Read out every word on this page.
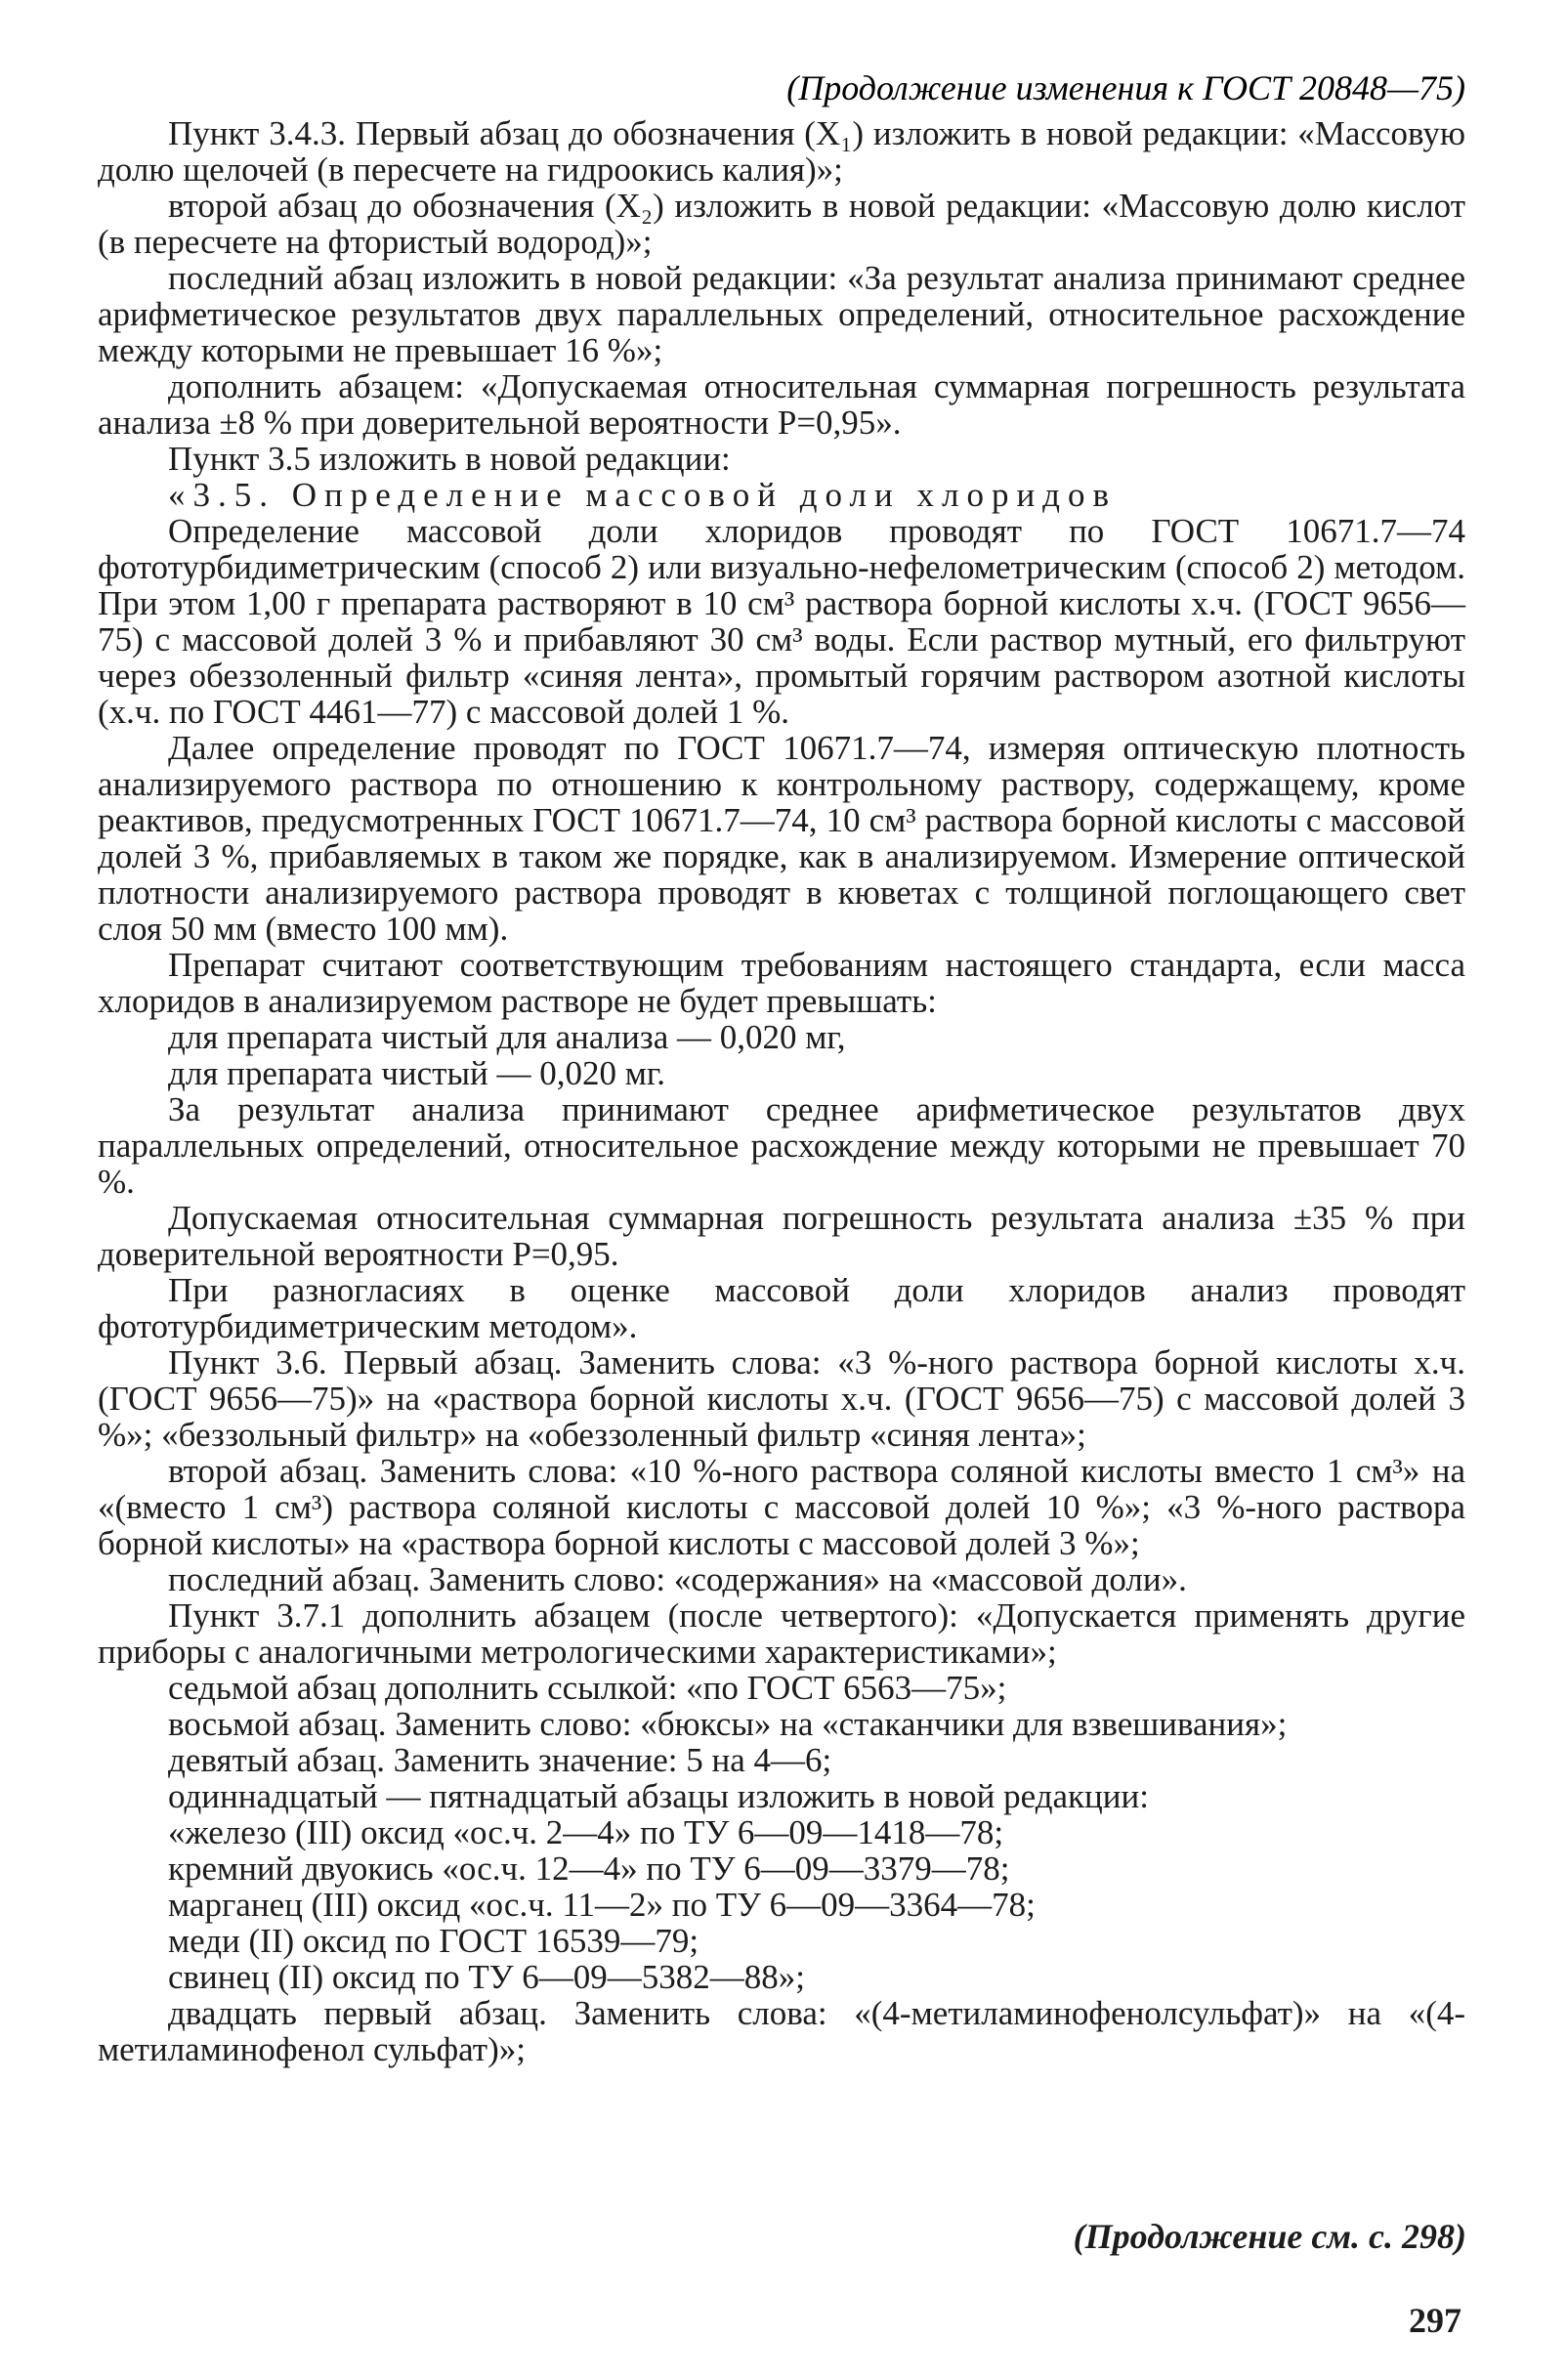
(Продолжение изменения к ГОСТ 20848—75)

Пункт 3.4.3. Первый абзац до обозначения (X₁) изложить в новой редакции: «Массовую долю щелочей (в пересчете на гидроокись калия)»;

второй абзац до обозначения (X₂) изложить в новой редакции: «Массовую долю кислот (в пересчете на фтористый водород)»;

последний абзац изложить в новой редакции: «За результат анализа принимают среднее арифметическое результатов двух параллельных определений, относительное расхождение между которыми не превышает 16 %»;

дополнить абзацем: «Допускаемая относительная суммарная погрешность результата анализа ±8 % при доверительной вероятности P=0,95».

Пункт 3.5 изложить в новой редакции:

«3.5. Определение массовой доли хлоридов

Определение массовой доли хлоридов проводят по ГОСТ 10671.7—74 фототурбидиметрическим (способ 2) или визуально-нефелометрическим (способ 2) методом. При этом 1,00 г препарата растворяют в 10 см³ раствора борной кислоты х.ч. (ГОСТ 9656—75) с массовой долей 3 % и прибавляют 30 см³ воды. Если раствор мутный, его фильтруют через обеззоленный фильтр «синяя лента», промытый горячим раствором азотной кислоты (х.ч. по ГОСТ 4461—77) с массовой долей 1 %.

Далее определение проводят по ГОСТ 10671.7—74, измеряя оптическую плотность анализируемого раствора по отношению к контрольному раствору, содержащему, кроме реактивов, предусмотренных ГОСТ 10671.7—74, 10 см³ раствора борной кислоты с массовой долей 3 %, прибавляемых в таком же порядке, как в анализируемом. Измерение оптической плотности анализируемого раствора проводят в кюветах с толщиной поглощающего свет слоя 50 мм (вместо 100 мм).

Препарат считают соответствующим требованиям настоящего стандарта, если масса хлоридов в анализируемом растворе не будет превышать:

для препарата чистый для анализа — 0,020 мг,

для препарата чистый — 0,020 мг.

За результат анализа принимают среднее арифметическое результатов двух параллельных определений, относительное расхождение между которыми не превышает 70 %.

Допускаемая относительная суммарная погрешность результата анализа ±35 % при доверительной вероятности P=0,95.

При разногласиях в оценке массовой доли хлоридов анализ проводят фототурбидиметрическим методом».

Пункт 3.6. Первый абзац. Заменить слова: «3 %-ного раствора борной кислоты х.ч. (ГОСТ 9656—75)» на «раствора борной кислоты х.ч. (ГОСТ 9656—75) с массовой долей 3 %»; «беззольный фильтр» на «обеззоленный фильтр «синяя лента»;

второй абзац. Заменить слова: «10 %-ного раствора соляной кислоты вместо 1 см³» на «(вместо 1 см³) раствора соляной кислоты с массовой долей 10 %»; «3 %-ного раствора борной кислоты» на «раствора борной кислоты с массовой долей 3 %»;

последний абзац. Заменить слово: «содержания» на «массовой доли».

Пункт 3.7.1 дополнить абзацем (после четвертого): «Допускается применять другие приборы с аналогичными метрологическими характеристиками»;

седьмой абзац дополнить ссылкой: «по ГОСТ 6563—75»;

восьмой абзац. Заменить слово: «бюксы» на «стаканчики для взвешивания»;

девятый абзац. Заменить значение: 5 на 4—6;

одиннадцатый — пятнадцатый абзацы изложить в новой редакции:

«железо (III) оксид «ос.ч. 2—4» по ТУ 6—09—1418—78;

кремний двуокись «ос.ч. 12—4» по ТУ 6—09—3379—78;

марганец (III) оксид «ос.ч. 11—2» по ТУ 6—09—3364—78;

меди (II) оксид по ГОСТ 16539—79;

свинец (II) оксид по ТУ 6—09—5382—88»;

двадцать первый абзац. Заменить слова: «(4-метиламинофенолсульфат)» на «(4-метиламинофенол сульфат)»;

(Продолжение см. с. 298)
297
